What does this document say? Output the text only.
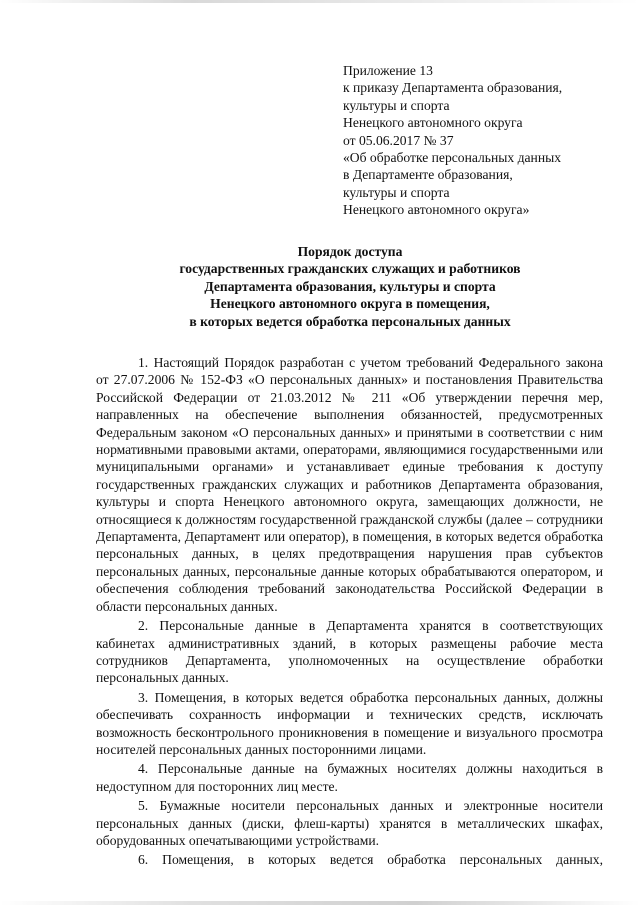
Приложение 13
к приказу Департамента образования,
культуры и спорта
Ненецкого автономного округа
от 05.06.2017 № 37
«Об обработке персональных данных
в Департаменте образования,
культуры и спорта
Ненецкого автономного округа»
Порядок доступа
государственных гражданских служащих и работников
Департамента образования, культуры и спорта
Ненецкого автономного округа в помещения,
в которых ведется обработка персональных данных

1. Настоящий Порядок разработан с учетом требований Федерального закона от 27.07.2006 № 152-ФЗ «О персональных данных» и постановления Правительства Российской Федерации от 21.03.2012 № 211 «Об утверждении перечня мер, направленных на обеспечение выполнения обязанностей, предусмотренных Федеральным законом «О персональных данных» и принятыми в соответствии с ним нормативными правовыми актами, операторами, являющимися государственными или муниципальными органами» и устанавливает единые требования к доступу государственных гражданских служащих и работников Департамента образования, культуры и спорта Ненецкого автономного округа, замещающих должности, не относящиеся к должностям государственной гражданской службы (далее – сотрудники Департамента, Департамент или оператор), в помещения, в которых ведется обработка персональных данных, в целях предотвращения нарушения прав субъектов персональных данных, персональные данные которых обрабатываются оператором, и обеспечения соблюдения требований законодательства Российской Федерации в области персональных данных.

2. Персональные данные в Департамента хранятся в соответствующих кабинетах административных зданий, в которых размещены рабочие места сотрудников Департамента, уполномоченных на осуществление обработки персональных данных.

3. Помещения, в которых ведется обработка персональных данных, должны обеспечивать сохранность информации и технических средств, исключать возможность бесконтрольного проникновения в помещение и визуального просмотра носителей персональных данных посторонними лицами.

4. Персональные данные на бумажных носителях должны находиться в недоступном для посторонних лиц месте.

5. Бумажные носители персональных данных и электронные носители персональных данных (диски, флеш-карты) хранятся в металлических шкафах, оборудованных опечатывающими устройствами.

6. Помещения, в которых ведется обработка персональных данных,
